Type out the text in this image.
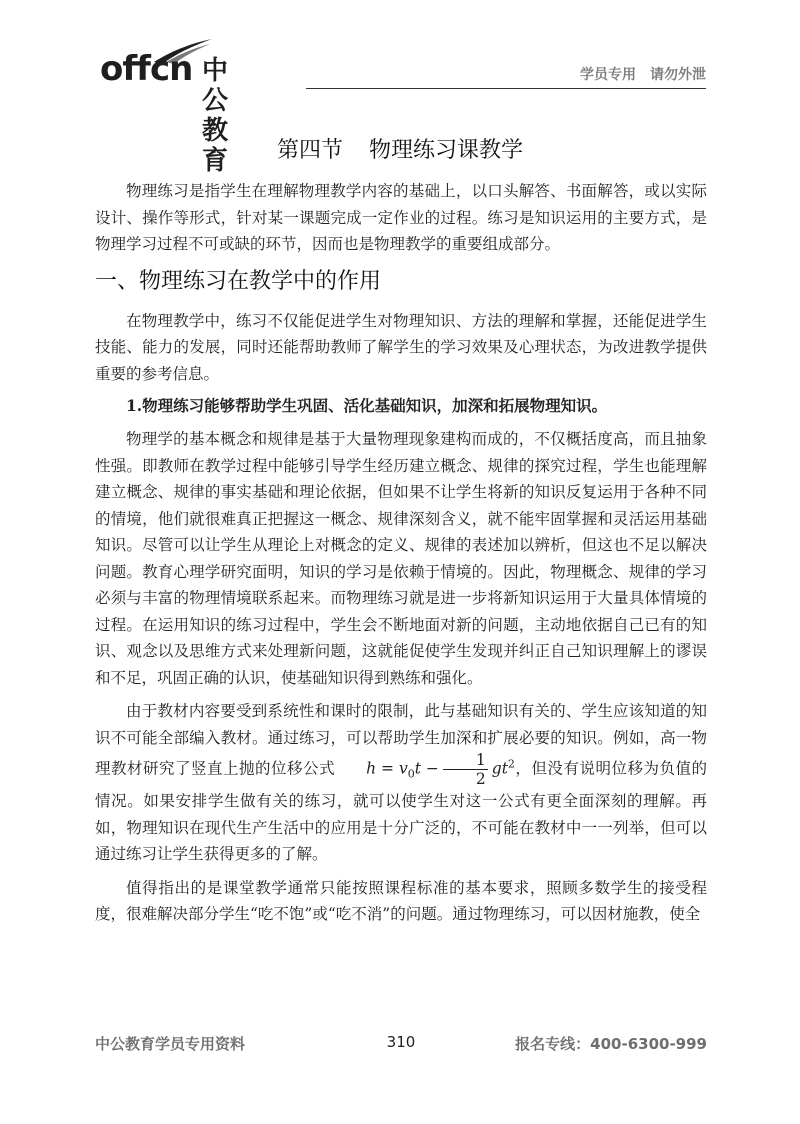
offcn 中公教育
学员专用 请勿外泄
第四节 物理练习课教学

物理练习是指学生在理解物理教学内容的基础上，以口头解答、书面解答，或以实际设计、操作等形式，针对某一课题完成一定作业的过程。练习是知识运用的主要方式，是物理学习过程不可或缺的环节，因而也是物理教学的重要组成部分。

一、物理练习在教学中的作用

在物理教学中，练习不仅能促进学生对物理知识、方法的理解和掌握，还能促进学生技能、能力的发展，同时还能帮助教师了解学生的学习效果及心理状态，为改进教学提供重要的参考信息。

1.物理练习能够帮助学生巩固、活化基础知识，加深和拓展物理知识。

物理学的基本概念和规律是基于大量物理现象建构而成的，不仅概括度高，而且抽象性强。即教师在教学过程中能够引导学生经历建立概念、规律的探究过程，学生也能理解建立概念、规律的事实基础和理论依据，但如果不让学生将新的知识反复运用于各种不同的情境，他们就很难真正把握这一概念、规律深刻含义，就不能牢固掌握和灵活运用基础知识。尽管可以让学生从理论上对概念的定义、规律的表述加以辨析，但这也不足以解决问题。教育心理学研究面明，知识的学习是依赖于情境的。因此，物理概念、规律的学习必须与丰富的物理情境联系起来。而物理练习就是进一步将新知识运用于大量具体情境的过程。在运用知识的练习过程中，学生会不断地面对新的问题，主动地依据自己已有的知识、观念以及思维方式来处理新问题，这就能促使学生发现并纠正自己知识理解上的谬误和不足，巩固正确的认识，使基础知识得到熟练和强化。

由于教材内容要受到系统性和课时的限制，此与基础知识有关的、学生应该知道的知识不可能全部编入教材。通过练习，可以帮助学生加深和扩展必要的知识。例如，高一物理教材研究了竖直上抛的位移公式 $h = v_0t - \frac{1}{2} gt^2$，但没有说明位移为负值的情况。如果安排学生做有关的练习，就可以使学生对这一公式有更全面深刻的理解。再如，物理知识在现代生产生活中的应用是十分广泛的，不可能在教材中一一列举，但可以通过练习让学生获得更多的了解。

值得指出的是课堂教学通常只能按照课程标准的基本要求，照顾多数学生的接受程度，很难解决部分学生“吃不饱”或“吃不消”的问题。通过物理练习，可以因材施教，使全

中公教育学员专用资料	310	报名专线：400-6300-999
